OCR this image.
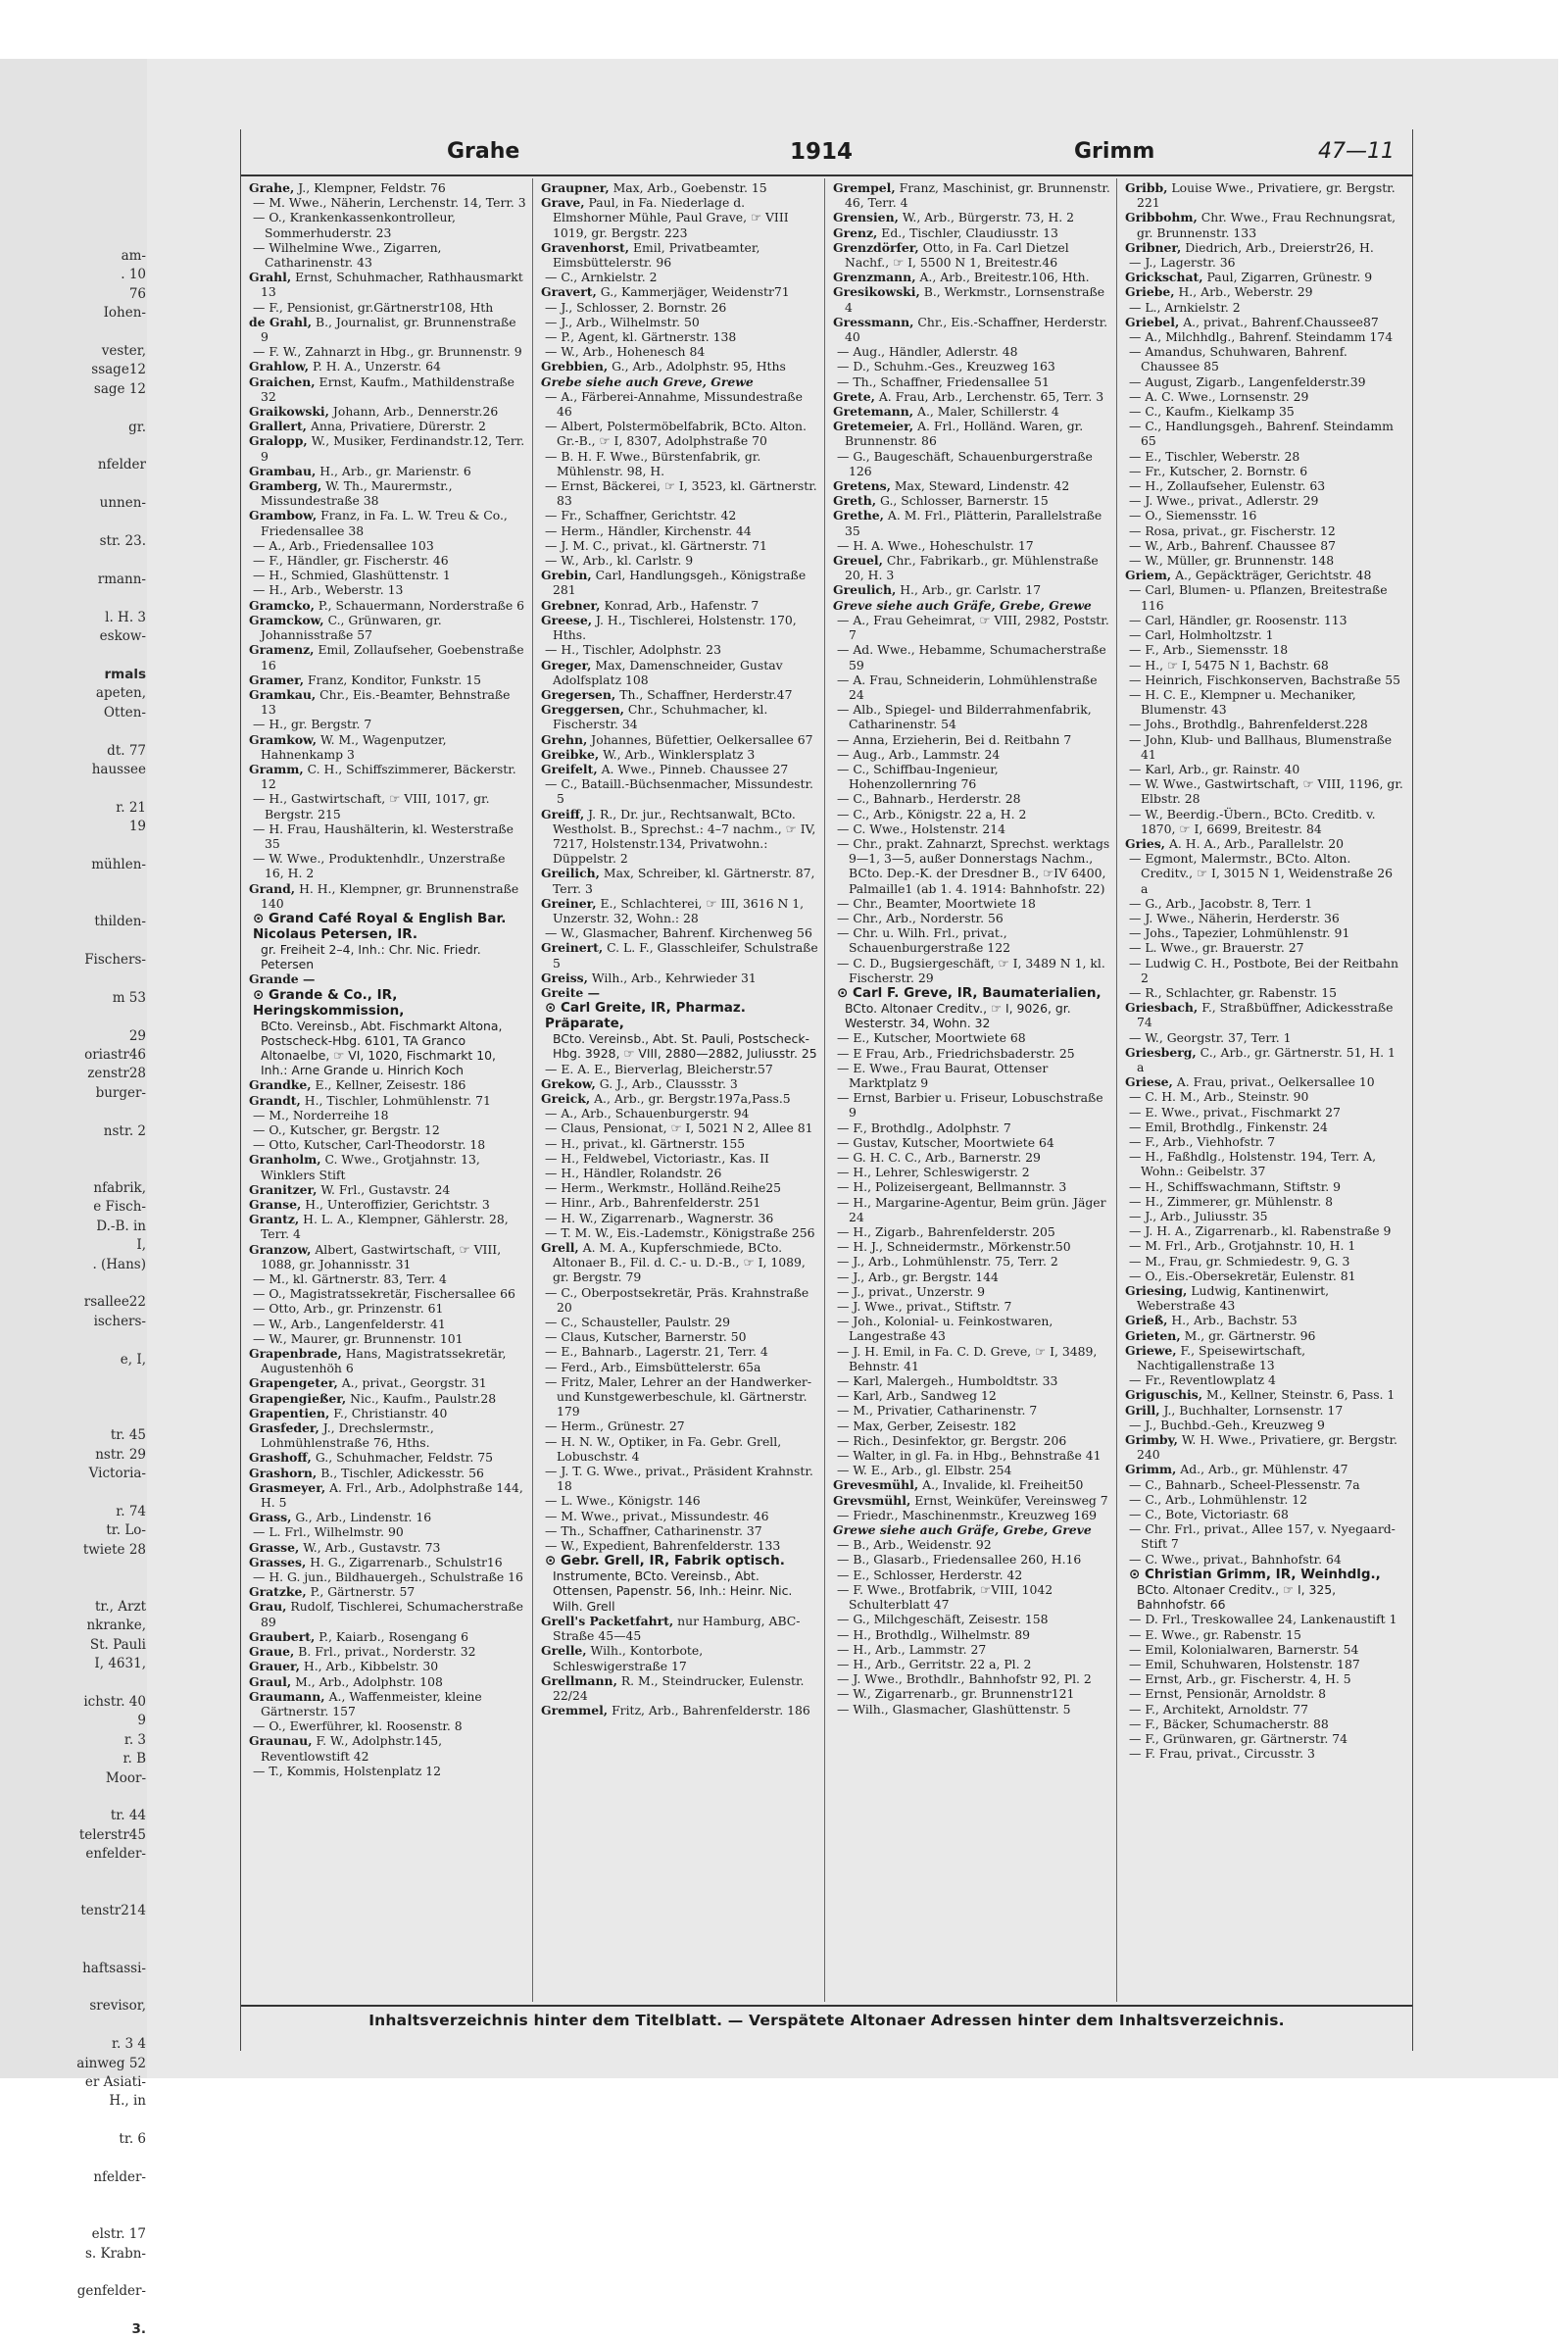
am-
. 10
76
Iohen-

vester,
ssage12
sage 12

gr.

nfelder

unnen-

str. 23.

rmann-

l. H. 3
eskow-

rmals
apeten,
Otten-

dt. 77
haussee

r. 21
19

mühlen-

thilden-

Fischers-

m 53

29
oriastr46
zenstr28
burger-

nstr. 2

nfabrik,
e Fisch-
D.-B. in
I,
. (Hans)

rsallee22
ischers-

e, I,

tr. 45
nstr. 29
Victoria-

r. 74
tr. Lo-
twiete 28

tr., Arzt
nkranke,
St. Pauli
I, 4631,

ichstr. 40
9
r. 3
r. B
Moor-

tr. 44
telerstr45
enfelder-

tenstr214

haftsassi-

srevisor,

r. 3 4
ainweg 52
er Asiati-
H., in

tr. 6

nfelder-

elstr. 17
s. Krabn-

genfelder-

3.
Grahe	1914	Grimm	47—11

Grahe, J., Klempner, Feldstr. 76

— M. Wwe., Näherin, Lerchenstr. 14, Terr. 3

— O., Krankenkassenkontrolleur, Sommerhuderstr. 23

— Wilhelmine Wwe., Zigarren, Catharinenstr. 43

Grahl, Ernst, Schuhmacher, Rathhausmarkt 13

— F., Pensionist, gr.Gärtnerstr108, Hth

de Grahl, B., Journalist, gr. Brunnenstraße 9

— F. W., Zahnarzt in Hbg., gr. Brunnenstr. 9

Grahlow, P. H. A., Unzerstr. 64

Graichen, Ernst, Kaufm., Mathildenstraße 32

Graikowski, Johann, Arb., Dennerstr.26

Grallert, Anna, Privatiere, Dürerstr. 2

Gralopp, W., Musiker, Ferdinandstr.12, Terr. 9

Grambau, H., Arb., gr. Marienstr. 6

Gramberg, W. Th., Maurermstr., Missundestraße 38

Grambow, Franz, in Fa. L. W. Treu & Co., Friedensallee 38

— A., Arb., Friedensallee 103

— F., Händler, gr. Fischerstr. 46

— H., Schmied, Glashüttenstr. 1

— H., Arb., Weberstr. 13

Gramcko, P., Schauermann, Norderstraße 6

Gramckow, C., Grünwaren, gr. Johannisstraße 57

Gramenz, Emil, Zollaufseher, Goebenstraße 16

Gramer, Franz, Konditor, Funkstr. 15

Gramkau, Chr., Eis.-Beamter, Behnstraße 13

— H., gr. Bergstr. 7

Gramkow, W. M., Wagenputzer, Hahnenkamp 3

Gramm, C. H., Schiffszimmerer, Bäckerstr. 12

— H., Gastwirtschaft, ☞ VIII, 1017, gr. Bergstr. 215

— H. Frau, Haushälterin, kl. Westerstraße 35

— W. Wwe., Produktenhdlr., Unzerstraße 16, H. 2

Grand, H. H., Klempner, gr. Brunnenstraße 140

⊙ Grand Café Royal & English Bar. Nicolaus Petersen, IR.

gr. Freiheit 2–4, Inh.: Chr. Nic. Friedr. Petersen

Grande —

⊙ Grande & Co., IR, Heringskommission,

BCto. Vereinsb., Abt. Fischmarkt Altona, Postscheck-Hbg. 6101, TA Granco Altonaelbe, ☞ VI, 1020, Fischmarkt 10, Inh.: Arne Grande u. Hinrich Koch

Grandke, E., Kellner, Zeisestr. 186

Grandt, H., Tischler, Lohmühlenstr. 71

— M., Norderreihe 18

— O., Kutscher, gr. Bergstr. 12

— Otto, Kutscher, Carl-Theodorstr. 18

Granholm, C. Wwe., Grotjahnstr. 13, Winklers Stift

Granitzer, W. Frl., Gustavstr. 24

Granse, H., Unteroffizier, Gerichtstr. 3

Grantz, H. L. A., Klempner, Gählerstr. 28, Terr. 4

Granzow, Albert, Gastwirtschaft, ☞ VIII, 1088, gr. Johannisstr. 31

— M., kl. Gärtnerstr. 83, Terr. 4

— O., Magistratssekretär, Fischersallee 66

— Otto, Arb., gr. Prinzenstr. 61

— W., Arb., Langenfelderstr. 41

— W., Maurer, gr. Brunnenstr. 101

Grapenbrade, Hans, Magistratssekretär, Augustenhöh 6

Grapengeter, A., privat., Georgstr. 31

Grapengießer, Nic., Kaufm., Paulstr.28

Grapentien, F., Christianstr. 40

Grasfeder, J., Drechslermstr., Lohmühlenstraße 76, Hths.

Grashoff, G., Schuhmacher, Feldstr. 75

Grashorn, B., Tischler, Adickesstr. 56

Grasmeyer, A. Frl., Arb., Adolphstraße 144, H. 5

Grass, G., Arb., Lindenstr. 16

— L. Frl., Wilhelmstr. 90

Grasse, W., Arb., Gustavstr. 73

Grasses, H. G., Zigarrenarb., Schulstr16

— H. G. jun., Bildhauergeh., Schulstraße 16

Gratzke, P., Gärtnerstr. 57

Grau, Rudolf, Tischlerei, Schumacherstraße 89

Graubert, P., Kaiarb., Rosengang 6

Graue, B. Frl., privat., Norderstr. 32

Grauer, H., Arb., Kibbelstr. 30

Graul, M., Arb., Adolphstr. 108

Graumann, A., Waffenmeister, kleine Gärtnerstr. 157

— O., Ewerführer, kl. Roosenstr. 8

Graunau, F. W., Adolphstr.145, Reventlowstift 42

— T., Kommis, Holstenplatz 12

Graupner, Max, Arb., Goebenstr. 15

Grave, Paul, in Fa. Niederlage d. Elmshorner Mühle, Paul Grave, ☞ VIII 1019, gr. Bergstr. 223

Gravenhorst, Emil, Privatbeamter, Eimsbüttelerstr. 96

— C., Arnkielstr. 2

Gravert, G., Kammerjäger, Weidenstr71

— J., Schlosser, 2. Bornstr. 26

— J., Arb., Wilhelmstr. 50

— P., Agent, kl. Gärtnerstr. 138

— W., Arb., Hohenesch 84

Grebbien, G., Arb., Adolphstr. 95, Hths

Grebe siehe auch Greve, Grewe

— A., Färberei-Annahme, Missundestraße 46

— Albert, Polstermöbelfabrik, BCto. Alton. Gr.-B., ☞ I, 8307, Adolphstraße 70

— B. H. F. Wwe., Bürstenfabrik, gr. Mühlenstr. 98, H.

— Ernst, Bäckerei, ☞ I, 3523, kl. Gärtnerstr. 83

— Fr., Schaffner, Gerichtstr. 42

— Herm., Händler, Kirchenstr. 44

— J. M. C., privat., kl. Gärtnerstr. 71

— W., Arb., kl. Carlstr. 9

Grebin, Carl, Handlungsgeh., Königstraße 281

Grebner, Konrad, Arb., Hafenstr. 7

Greese, J. H., Tischlerei, Holstenstr. 170, Hths.

— H., Tischler, Adolphstr. 23

Greger, Max, Damenschneider, Gustav Adolfsplatz 108

Gregersen, Th., Schaffner, Herderstr.47

Greggersen, Chr., Schuhmacher, kl. Fischerstr. 34

Grehn, Johannes, Büfettier, Oelkersallee 67

Greibke, W., Arb., Winklersplatz 3

Greifelt, A. Wwe., Pinneb. Chaussee 27

— C., Bataill.-Büchsenmacher, Missundestr. 5

Greiff, J. R., Dr. jur., Rechtsanwalt, BCto. Westholst. B., Sprechst.: 4–7 nachm., ☞ IV, 7217, Holstenstr.134, Privatwohn.: Düppelstr. 2

Greilich, Max, Schreiber, kl. Gärtnerstr. 87, Terr. 3

Greiner, E., Schlachterei, ☞ III, 3616 N 1, Unzerstr. 32, Wohn.: 28

— W., Glasmacher, Bahrenf. Kirchenweg 56

Greinert, C. L. F., Glasschleifer, Schulstraße 5

Greiss, Wilh., Arb., Kehrwieder 31

Greite —

⊙ Carl Greite, IR, Pharmaz. Präparate,

BCto. Vereinsb., Abt. St. Pauli, Postscheck-Hbg. 3928, ☞ VIII, 2880—2882, Juliusstr. 25

— E. A. E., Bierverlag, Bleicherstr.57

Grekow, G. J., Arb., Claussstr. 3

Greick, A., Arb., gr. Bergstr.197a,Pass.5

— A., Arb., Schauenburgerstr. 94

— Claus, Pensionat, ☞ I, 5021 N 2, Allee 81

— H., privat., kl. Gärtnerstr. 155

— H., Feldwebel, Victoriastr., Kas. II

— H., Händler, Rolandstr. 26

— Herm., Werkmstr., Holländ.Reihe25

— Hinr., Arb., Bahrenfelderstr. 251

— H. W., Zigarrenarb., Wagnerstr. 36

— T. M. W., Eis.-Lademstr., Königstraße 256

Grell, A. M. A., Kupferschmiede, BCto. Altonaer B., Fil. d. C.- u. D.-B., ☞ I, 1089, gr. Bergstr. 79

— C., Oberpostsekretär, Präs. Krahnstraße 20

— C., Schausteller, Paulstr. 29

— Claus, Kutscher, Barnerstr. 50

— E., Bahnarb., Lagerstr. 21, Terr. 4

— Ferd., Arb., Eimsbüttelerstr. 65a

— Fritz, Maler, Lehrer an der Handwerker- und Kunstgewerbeschule, kl. Gärtnerstr. 179

— Herm., Grünestr. 27

— H. N. W., Optiker, in Fa. Gebr. Grell, Lobuschstr. 4

— J. T. G. Wwe., privat., Präsident Krahnstr. 18

— L. Wwe., Königstr. 146

— M. Wwe., privat., Missundestr. 46

— Th., Schaffner, Catharinenstr. 37

— W., Expedient, Bahrenfelderstr. 133

⊙ Gebr. Grell, IR, Fabrik optisch.

Instrumente, BCto. Vereinsb., Abt. Ottensen, Papenstr. 56, Inh.: Heinr. Nic. Wilh. Grell

Grell's Packetfahrt, nur Hamburg, ABC-Straße 45—45

Grelle, Wilh., Kontorbote, Schleswigerstraße 17

Grellmann, R. M., Steindrucker, Eulenstr. 22/24

Gremmel, Fritz, Arb., Bahrenfelderstr. 186

Grempel, Franz, Maschinist, gr. Brunnenstr. 46, Terr. 4

Grensien, W., Arb., Bürgerstr. 73, H. 2

Grenz, Ed., Tischler, Claudiusstr. 13

Grenzdörfer, Otto, in Fa. Carl Dietzel Nachf., ☞ I, 5500 N 1, Breitestr.46

Grenzmann, A., Arb., Breitestr.106, Hth.

Gresikowski, B., Werkmstr., Lornsenstraße 4

Gressmann, Chr., Eis.-Schaffner, Herderstr. 40

— Aug., Händler, Adlerstr. 48

— D., Schuhm.-Ges., Kreuzweg 163

— Th., Schaffner, Friedensallee 51

Grete, A. Frau, Arb., Lerchenstr. 65, Terr. 3

Gretemann, A., Maler, Schillerstr. 4

Gretemeier, A. Frl., Holländ. Waren, gr. Brunnenstr. 86

— G., Baugeschäft, Schauenburgerstraße 126

Gretens, Max, Steward, Lindenstr. 42

Greth, G., Schlosser, Barnerstr. 15

Grethe, A. M. Frl., Plätterin, Parallelstraße 35

— H. A. Wwe., Hoheschulstr. 17

Greuel, Chr., Fabrikarb., gr. Mühlenstraße 20, H. 3

Greulich, H., Arb., gr. Carlstr. 17

Greve siehe auch Gräfe, Grebe, Grewe

— A., Frau Geheimrat, ☞ VIII, 2982, Poststr. 7

— Ad. Wwe., Hebamme, Schumacherstraße 59

— A. Frau, Schneiderin, Lohmühlenstraße 24

— Alb., Spiegel- und Bilderrahmenfabrik, Catharinenstr. 54

— Anna, Erzieherin, Bei d. Reitbahn 7

— Aug., Arb., Lammstr. 24

— C., Schiffbau-Ingenieur, Hohenzollernring 76

— C., Bahnarb., Herderstr. 28

— C., Arb., Königstr. 22 a, H. 2

— C. Wwe., Holstenstr. 214

— Chr., prakt. Zahnarzt, Sprechst. werktags 9—1, 3—5, außer Donnerstags Nachm., BCto. Dep.-K. der Dresdner B., ☞IV 6400, Palmaille1 (ab 1. 4. 1914: Bahnhofstr. 22)

— Chr., Beamter, Moortwiete 18

— Chr., Arb., Norderstr. 56

— Chr. u. Wilh. Frl., privat., Schauenburgerstraße 122

— C. D., Bugsiergeschäft, ☞ I, 3489 N 1, kl. Fischerstr. 29

⊙ Carl F. Greve, IR, Baumaterialien,

BCto. Altonaer Creditv., ☞ I, 9026, gr. Westerstr. 34, Wohn. 32

— E., Kutscher, Moortwiete 68

— E Frau, Arb., Friedrichsbaderstr. 25

— E. Wwe., Frau Baurat, Ottenser Marktplatz 9

— Ernst, Barbier u. Friseur, Lobuschstraße 9

— F., Brothdlg., Adolphstr. 7

— Gustav, Kutscher, Moortwiete 64

— G. H. C. C., Arb., Barnerstr. 29

— H., Lehrer, Schleswigerstr. 2

— H., Polizeisergeant, Bellmannstr. 3

— H., Margarine-Agentur, Beim grün. Jäger 24

— H., Zigarb., Bahrenfelderstr. 205

— H. J., Schneidermstr., Mörkenstr.50

— J., Arb., Lohmühlenstr. 75, Terr. 2

— J., Arb., gr. Bergstr. 144

— J., privat., Unzerstr. 9

— J. Wwe., privat., Stiftstr. 7

— Joh., Kolonial- u. Feinkostwaren, Langestraße 43

— J. H. Emil, in Fa. C. D. Greve, ☞ I, 3489, Behnstr. 41

— Karl, Malergeh., Humboldtstr. 33

— Karl, Arb., Sandweg 12

— M., Privatier, Catharinenstr. 7

— Max, Gerber, Zeisestr. 182

— Rich., Desinfektor, gr. Bergstr. 206

— Walter, in gl. Fa. in Hbg., Behnstraße 41

— W. E., Arb., gl. Elbstr. 254

Grevesmühl, A., Invalide, kl. Freiheit50

Grevsmühl, Ernst, Weinküfer, Vereinsweg 7

— Friedr., Maschinenmstr., Kreuzweg 169

Grewe siehe auch Gräfe, Grebe, Greve

— B., Arb., Weidenstr. 92

— B., Glasarb., Friedensallee 260, H.16

— E., Schlosser, Herderstr. 42

— F. Wwe., Brotfabrik, ☞VIII, 1042 Schulterblatt 47

— G., Milchgeschäft, Zeisestr. 158

— H., Brothdlg., Wilhelmstr. 89

— H., Arb., Lammstr. 27

— H., Arb., Gerritstr. 22 a, Pl. 2

— J. Wwe., Brothdlr., Bahnhofstr 92, Pl. 2

— W., Zigarrenarb., gr. Brunnenstr121

— Wilh., Glasmacher, Glashüttenstr. 5

Gribb, Louise Wwe., Privatiere, gr. Bergstr. 221

Gribbohm, Chr. Wwe., Frau Rechnungsrat, gr. Brunnenstr. 133

Gribner, Diedrich, Arb., Dreierstr26, H.

— J., Lagerstr. 36

Grickschat, Paul, Zigarren, Grünestr. 9

Griebe, H., Arb., Weberstr. 29

— L., Arnkielstr. 2

Griebel, A., privat., Bahrenf.Chaussee87

— A., Milchhdlg., Bahrenf. Steindamm 174

— Amandus, Schuhwaren, Bahrenf. Chaussee 85

— August, Zigarb., Langenfelderstr.39

— A. C. Wwe., Lornsenstr. 29

— C., Kaufm., Kielkamp 35

— C., Handlungsgeh., Bahrenf. Steindamm 65

— E., Tischler, Weberstr. 28

— Fr., Kutscher, 2. Bornstr. 6

— H., Zollaufseher, Eulenstr. 63

— J. Wwe., privat., Adlerstr. 29

— O., Siemensstr. 16

— Rosa, privat., gr. Fischerstr. 12

— W., Arb., Bahrenf. Chaussee 87

— W., Müller, gr. Brunnenstr. 148

Griem, A., Gepäckträger, Gerichtstr. 48

— Carl, Blumen- u. Pflanzen, Breitestraße 116

— Carl, Händler, gr. Roosenstr. 113

— Carl, Holmholtzstr. 1

— F., Arb., Siemensstr. 18

— H., ☞ I, 5475 N 1, Bachstr. 68

— Heinrich, Fischkonserven, Bachstraße 55

— H. C. E., Klempner u. Mechaniker, Blumenstr. 43

— Johs., Brothdlg., Bahrenfelderst.228

— John, Klub- und Ballhaus, Blumenstraße 41

— Karl, Arb., gr. Rainstr. 40

— W. Wwe., Gastwirtschaft, ☞ VIII, 1196, gr. Elbstr. 28

— W., Beerdig.-Übern., BCto. Creditb. v. 1870, ☞ I, 6699, Breitestr. 84

Gries, A. H. A., Arb., Parallelstr. 20

— Egmont, Malermstr., BCto. Alton. Creditv., ☞ I, 3015 N 1, Weidenstraße 26 a

— G., Arb., Jacobstr. 8, Terr. 1

— J. Wwe., Näherin, Herderstr. 36

— Johs., Tapezier, Lohmühlenstr. 91

— L. Wwe., gr. Brauerstr. 27

— Ludwig C. H., Postbote, Bei der Reitbahn 2

— R., Schlachter, gr. Rabenstr. 15

Griesbach, F., Straßbüffner, Adickesstraße 74

— W., Georgstr. 37, Terr. 1

Griesberg, C., Arb., gr. Gärtnerstr. 51, H. 1 a

Griese, A. Frau, privat., Oelkersallee 10

— C. H. M., Arb., Steinstr. 90

— E. Wwe., privat., Fischmarkt 27

— Emil, Brothdlg., Finkenstr. 24

— F., Arb., Viehhofstr. 7

— H., Faßhdlg., Holstenstr. 194, Terr. A, Wohn.: Geibelstr. 37

— H., Schiffswachmann, Stiftstr. 9

— H., Zimmerer, gr. Mühlenstr. 8

— J., Arb., Juliusstr. 35

— J. H. A., Zigarrenarb., kl. Rabenstraße 9

— M. Frl., Arb., Grotjahnstr. 10, H. 1

— M., Frau, gr. Schmiedestr. 9, G. 3

— O., Eis.-Obersekretär, Eulenstr. 81

Griesing, Ludwig, Kantinenwirt, Weberstraße 43

Grieß, H., Arb., Bachstr. 53

Grieten, M., gr. Gärtnerstr. 96

Griewe, F., Speisewirtschaft, Nachtigallenstraße 13

— Fr., Reventlowplatz 4

Griguschis, M., Kellner, Steinstr. 6, Pass. 1

Grill, J., Buchhalter, Lornsenstr. 17

— J., Buchbd.-Geh., Kreuzweg 9

Grimby, W. H. Wwe., Privatiere, gr. Bergstr. 240

Grimm, Ad., Arb., gr. Mühlenstr. 47

— C., Bahnarb., Scheel-Plessenstr. 7a

— C., Arb., Lohmühlenstr. 12

— C., Bote, Victoriastr. 68

— Chr. Frl., privat., Allee 157, v. Nyegaard-Stift 7

— C. Wwe., privat., Bahnhofstr. 64

⊙ Christian Grimm, IR, Weinhdlg.,

BCto. Altonaer Creditv., ☞ I, 325, Bahnhofstr. 66

— D. Frl., Treskowallee 24, Lankenaustift 1

— E. Wwe., gr. Rabenstr. 15

— Emil, Kolonialwaren, Barnerstr. 54

— Emil, Schuhwaren, Holstenstr. 187

— Ernst, Arb., gr. Fischerstr. 4, H. 5

— Ernst, Pensionär, Arnoldstr. 8

— F., Architekt, Arnoldstr. 77

— F., Bäcker, Schumacherstr. 88

— F., Grünwaren, gr. Gärtnerstr. 74

— F. Frau, privat., Circusstr. 3

Inhaltsverzeichnis hinter dem Titelblatt. — Verspätete Altonaer Adressen hinter dem Inhaltsverzeichnis.
